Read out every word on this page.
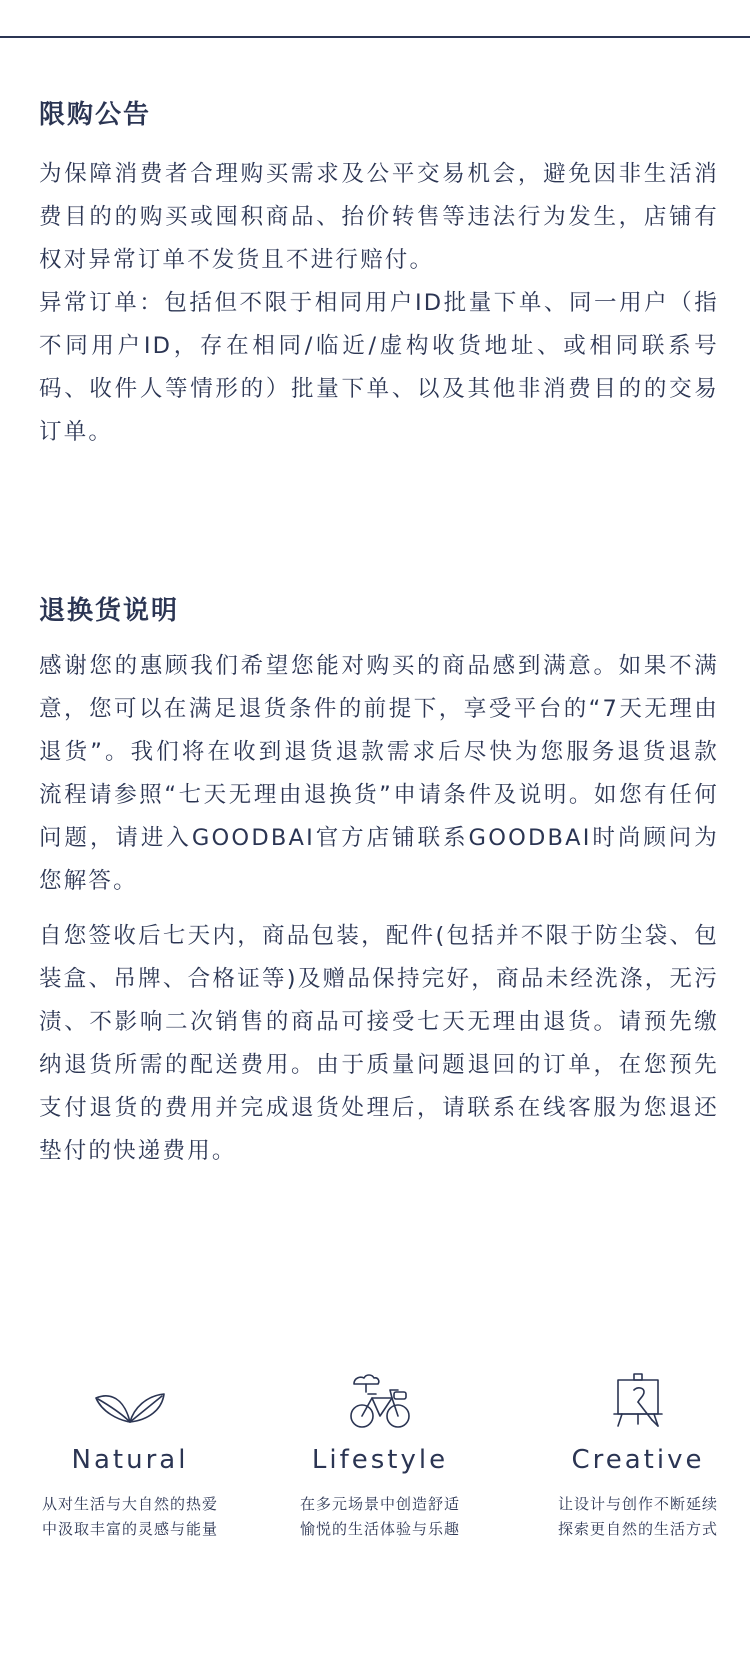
限购公告

为保障消费者合理购买需求及公平交易机会，避免因非生活消费目的的购买或囤积商品、抬价转售等违法行为发生，店铺有权对异常订单不发货且不进行赔付。

异常订单：包括但不限于相同用户ID批量下单、同一用户（指不同用户ID，存在相同/临近/虚构收货地址、或相同联系号码、收件人等情形的）批量下单、以及其他非消费目的的交易订单。

退换货说明

感谢您的惠顾我们希望您能对购买的商品感到满意。如果不满意，您可以在满足退货条件的前提下，享受平台的“7天无理由退货”。我们将在收到退货退款需求后尽快为您服务退货退款流程请参照“七天无理由退换货”申请条件及说明。如您有任何问题，请进入GOODBAI官方店铺联系GOODBAI时尚顾问为您解答。

自您签收后七天内，商品包装，配件(包括并不限于防尘袋、包装盒、吊牌、合格证等)及赠品保持完好，商品未经洗涤，无污渍、不影响二次销售的商品可接受七天无理由退货。请预先缴纳退货所需的配送费用。由于质量问题退回的订单，在您预先支付退货的费用并完成退货处理后，请联系在线客服为您退还垫付的快递费用。

Natural
从对生活与大自然的热爱
中汲取丰富的灵感与能量
Lifestyle
在多元场景中创造舒适
愉悦的生活体验与乐趣
Creative
让设计与创作不断延续
探索更自然的生活方式
